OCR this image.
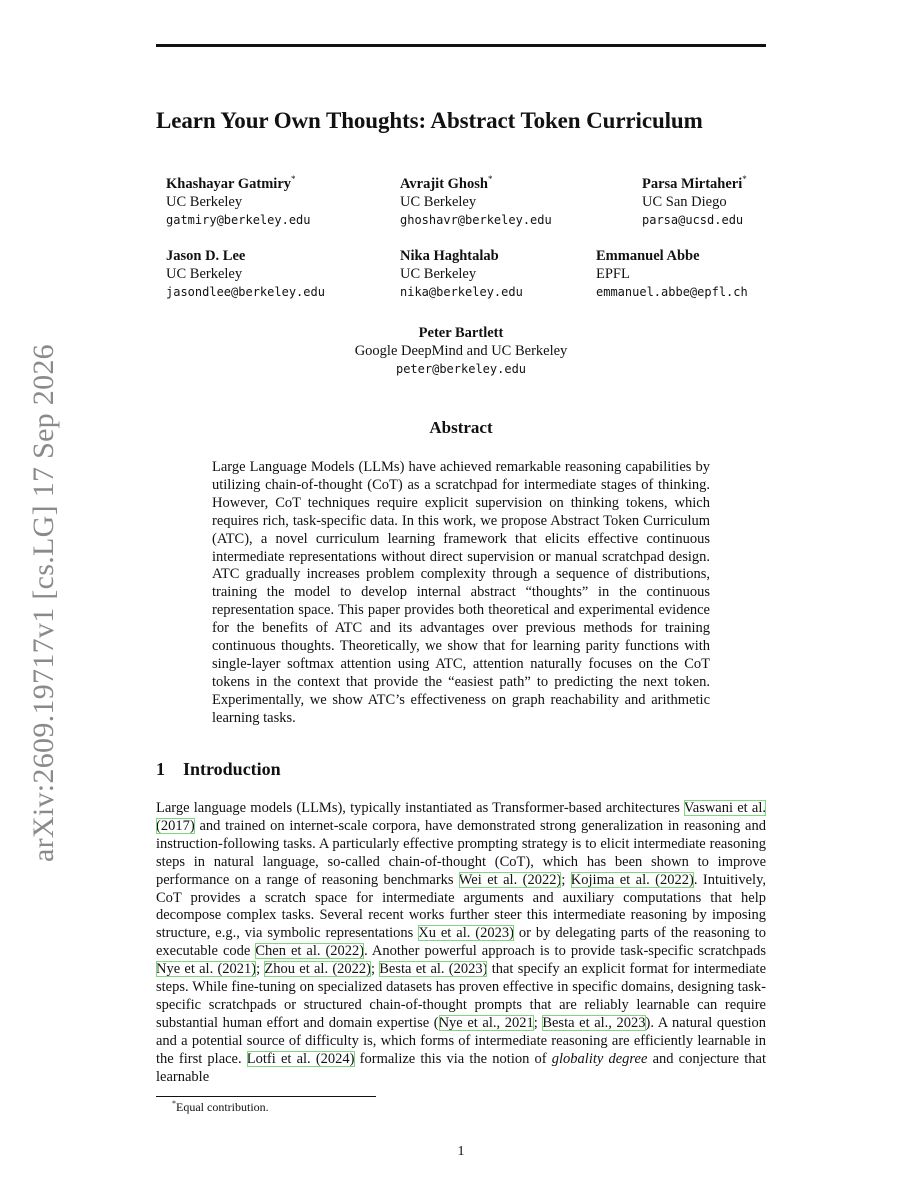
arXiv:2609.19717v1 [cs.LG] 17 Sep 2026
Learn Your Own Thoughts: Abstract Token Curriculum
Khashayar Gatmiry*
UC Berkeley
gatmiry@berkeley.edu
Avrajit Ghosh*
UC Berkeley
ghoshavr@berkeley.edu
Parsa Mirtaheri*
UC San Diego
parsa@ucsd.edu
Jason D. Lee
UC Berkeley
jasondlee@berkeley.edu
Nika Haghtalab
UC Berkeley
nika@berkeley.edu
Emmanuel Abbe
EPFL
emmanuel.abbe@epfl.ch
Peter Bartlett
Google DeepMind and UC Berkeley
peter@berkeley.edu
Abstract
Large Language Models (LLMs) have achieved remarkable reasoning capabilities by utilizing chain-of-thought (CoT) as a scratchpad for intermediate stages of thinking. However, CoT techniques require explicit supervision on thinking tokens, which requires rich, task-specific data. In this work, we propose Abstract Token Curriculum (ATC), a novel curriculum learning framework that elicits effective continuous intermediate representations without direct supervision or manual scratchpad design. ATC gradually increases problem complexity through a sequence of distributions, training the model to develop internal abstract “thoughts” in the continuous representation space. This paper provides both theoretical and experimental evidence for the benefits of ATC and its advantages over previous methods for training continuous thoughts. Theoretically, we show that for learning parity functions with single-layer softmax attention using ATC, attention naturally focuses on the CoT tokens in the context that provide the “easiest path” to predicting the next token. Experimentally, we show ATC’s effectiveness on graph reachability and arithmetic learning tasks.
1 Introduction
Large language models (LLMs), typically instantiated as Transformer-based architectures Vaswani et al. (2017) and trained on internet-scale corpora, have demonstrated strong generalization in reasoning and instruction-following tasks. A particularly effective prompting strategy is to elicit intermediate reasoning steps in natural language, so-called chain-of-thought (CoT), which has been shown to improve performance on a range of reasoning benchmarks Wei et al. (2022); Kojima et al. (2022). Intuitively, CoT provides a scratch space for intermediate arguments and auxiliary computations that help decompose complex tasks. Several recent works further steer this intermediate reasoning by imposing structure, e.g., via symbolic representations Xu et al. (2023) or by delegating parts of the reasoning to executable code Chen et al. (2022). Another powerful approach is to provide task-specific scratchpads Nye et al. (2021); Zhou et al. (2022); Besta et al. (2023) that specify an explicit format for intermediate steps. While fine-tuning on specialized datasets has proven effective in specific domains, designing task-specific scratchpads or structured chain-of-thought prompts that are reliably learnable can require substantial human effort and domain expertise (Nye et al., 2021; Besta et al., 2023). A natural question and a potential source of difficulty is, which forms of intermediate reasoning are efficiently learnable in the first place. Lotfi et al. (2024) formalize this via the notion of globality degree and conjecture that learnable
*Equal contribution.
1
